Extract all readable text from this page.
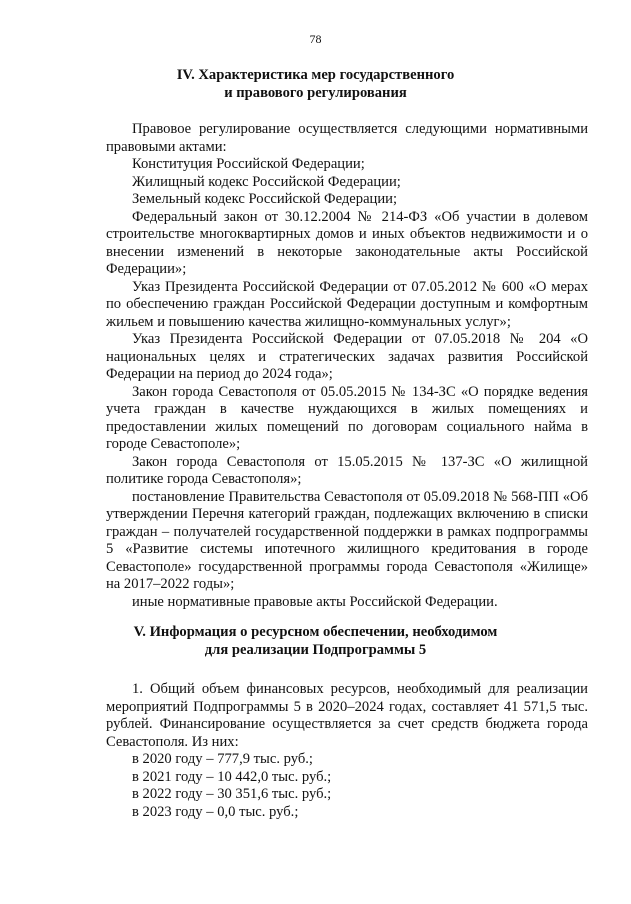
78
IV. Характеристика мер государственного
и правового регулирования

Правовое регулирование осуществляется следующими нормативными правовыми актами:

Конституция Российской Федерации;

Жилищный кодекс Российской Федерации;

Земельный кодекс Российской Федерации;

Федеральный закон от 30.12.2004 № 214-ФЗ «Об участии в долевом строительстве многоквартирных домов и иных объектов недвижимости и о внесении изменений в некоторые законодательные акты Российской Федерации»;

Указ Президента Российской Федерации от 07.05.2012 № 600 «О мерах по обеспечению граждан Российской Федерации доступным и комфортным жильем и повышению качества жилищно-коммунальных услуг»;

Указ Президента Российской Федерации от 07.05.2018 № 204 «О национальных целях и стратегических задачах развития Российской Федерации на период до 2024 года»;

Закон города Севастополя от 05.05.2015 № 134-ЗС «О порядке ведения учета граждан в качестве нуждающихся в жилых помещениях и предоставлении жилых помещений по договорам социального найма в городе Севастополе»;

Закон города Севастополя от 15.05.2015 № 137-ЗС «О жилищной политике города Севастополя»;

постановление Правительства Севастополя от 05.09.2018 № 568-ПП «Об утверждении Перечня категорий граждан, подлежащих включению в списки граждан – получателей государственной поддержки в рамках подпрограммы 5 «Развитие системы ипотечного жилищного кредитования в городе Севастополе» государственной программы города Севастополя «Жилище» на 2017–2022 годы»;

иные нормативные правовые акты Российской Федерации.

V. Информация о ресурсном обеспечении, необходимом
для реализации Подпрограммы 5

1. Общий объем финансовых ресурсов, необходимый для реализации мероприятий Подпрограммы 5 в 2020–2024 годах, составляет 41 571,5 тыс. рублей. Финансирование осуществляется за счет средств бюджета города Севастополя. Из них:

в 2020 году – 777,9 тыс. руб.;

в 2021 году – 10 442,0 тыс. руб.;

в 2022 году – 30 351,6 тыс. руб.;

в 2023 году – 0,0 тыс. руб.;
